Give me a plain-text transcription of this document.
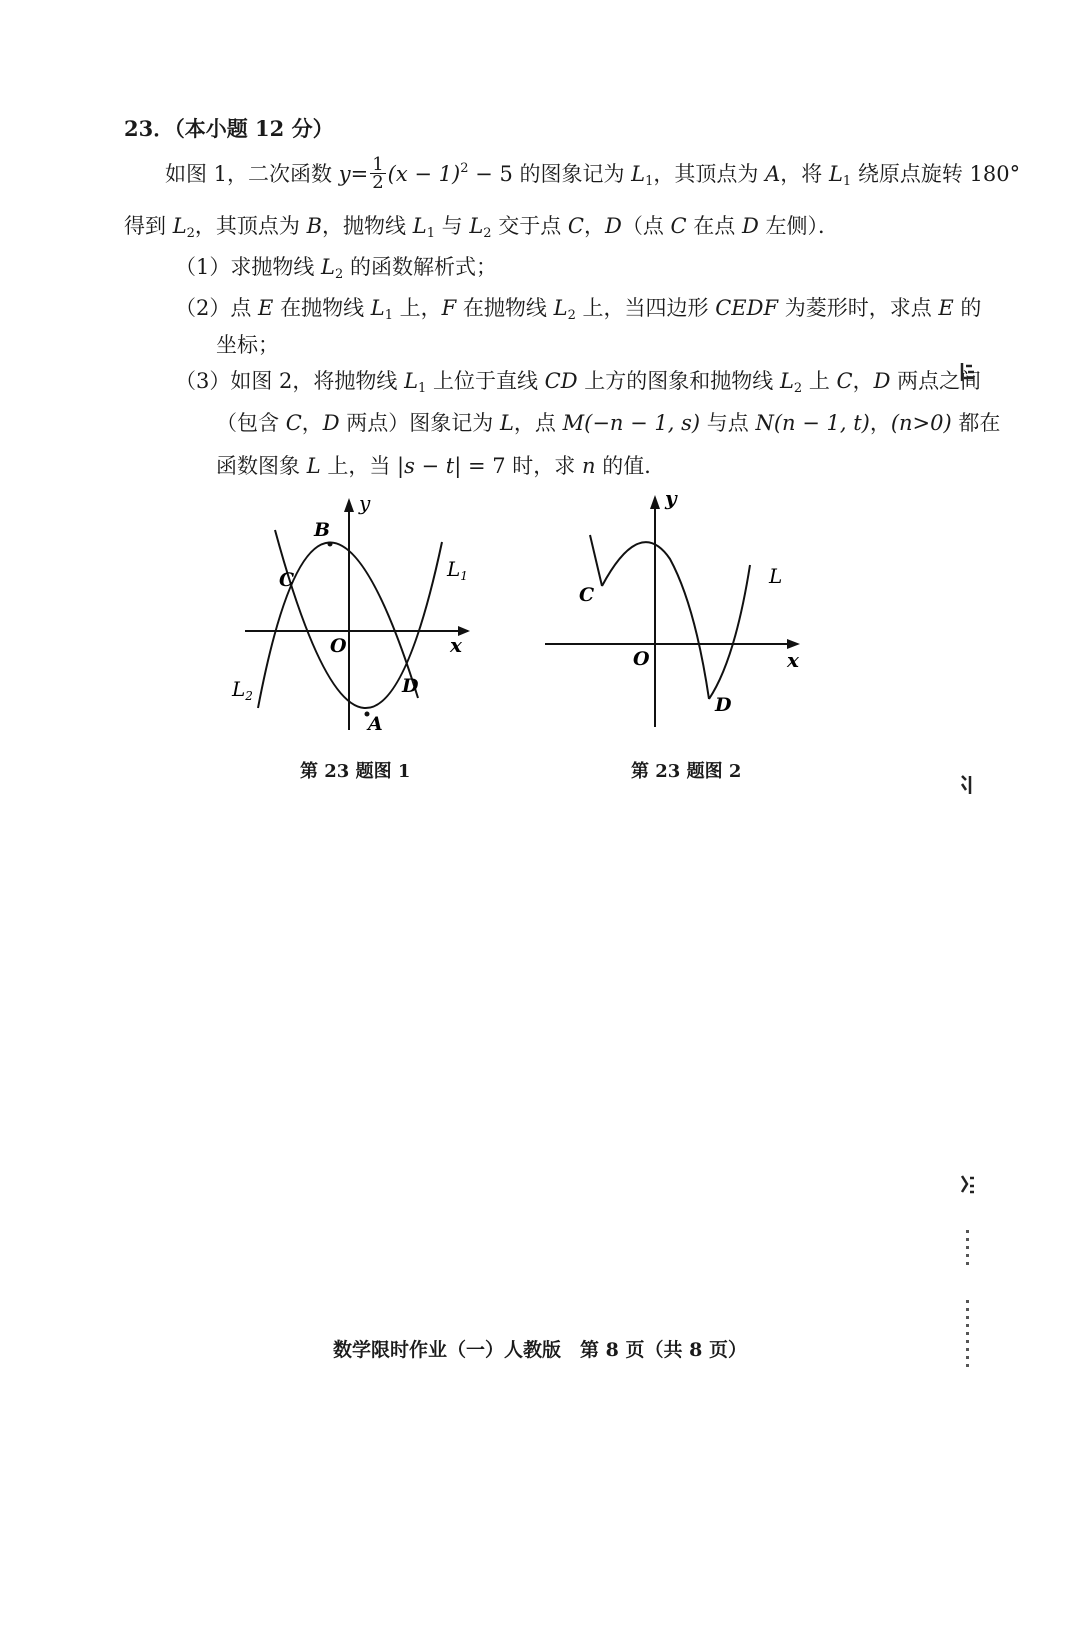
23．（本小题 12 分）
如图 1，二次函数 $y= \frac{1}{2} (x - 1)^2 - 5$ 的图象记为 $L_1$，其顶点为 A，将 $L_1$ 绕原点旋转 180°
得到 $L_2$，其顶点为 B，抛物线 $L_1$ 与 $L_2$ 交于点 C，D（点 C 在点 D 左侧）．
（1）求抛物线 $L_2$ 的函数解析式；
（2）点 E 在抛物线 $L_1$ 上，F 在抛物线 $L_2$ 上，当四边形 CEDF 为菱形时，求点 E 的
坐标；
（3）如图 2，将抛物线 $L_1$ 上位于直线 CD 上方的图象和抛物线 $L_2$ 上 C，D 两点之间
（包含 C，D 两点）图象记为 L，点 M(−n − 1, s) 与点 N(n − 1, t)，(n>0) 都在
函数图象 L 上，当 |s − t| = 7 时，求 n 的值．
y
x
O
B
C
D
A
$L_1$
$L_2$
第 23 题图 1
y
x
O
C
D
L
第 23 题图 2
数学限时作业（一）人教版　第 8 页（共 8 页）
